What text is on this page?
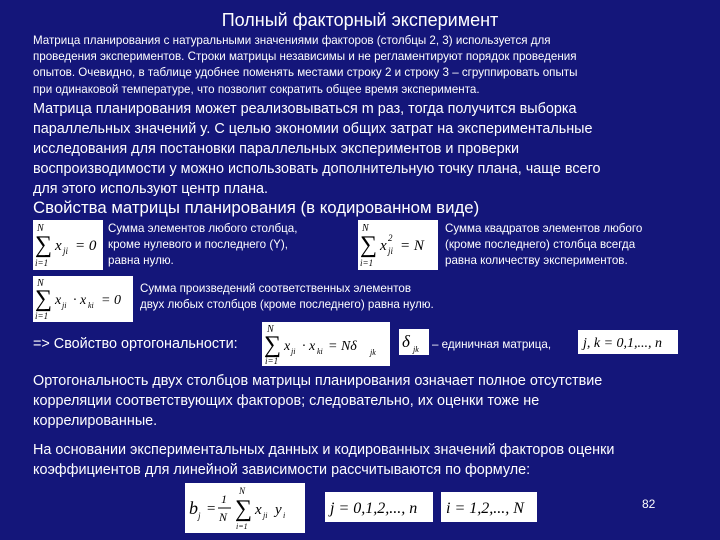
Полный факторный эксперимент
Матрица планирования с натуральными значениями факторов (столбцы 2, 3) используется для
проведения экспериментов. Строки матрицы независимы и не регламентируют порядок проведения
опытов. Очевидно, в таблице удобнее поменять местами строку 2 и строку 3 – сгруппировать опыты
при одинаковой температуре, что позволит сократить общее время эксперимента.
Матрица планирования может реализовываться m раз, тогда получится выборка
параллельных значений y. С целью экономии общих затрат на экспериментальные
исследования для постановки параллельных экспериментов и проверки
воспроизводимости y можно использовать дополнительную точку плана, чаще всего
для этого используют центр плана.
Свойства матрицы планирования (в кодированном виде)
N
∑
i=1
x ji = 0
Сумма элементов любого столбца,
кроме нулевого и последнего (Y),
равна нулю.
N
∑
i=1
x ji
2 = N
Сумма квадратов элементов любого
(кроме последнего) столбца всегда
равна количеству экспериментов.
N
∑
i=1
x ji · x ki = 0
Сумма произведений соответственных элементов
двух любых столбцов (кроме последнего) равна нулю.
=> Свойство ортогональности:
N
∑
i=1
x ji · x ki = Nδ jk
δ jk – единичная матрица, j, k = 0,1,..., n
Ортогональность двух столбцов матрицы планирования означает полное отсутствие
корреляции соответствующих факторов; следовательно, их оценки тоже не
коррелированные.
На основании экспериментальных данных и кодированных значений факторов оценки
коэффициентов для линейной зависимости рассчитываются по формуле:
b j =
1
N
N
∑
i=1
x ji y i	j = 0,1,2,..., n i = 1,2,..., N	82
